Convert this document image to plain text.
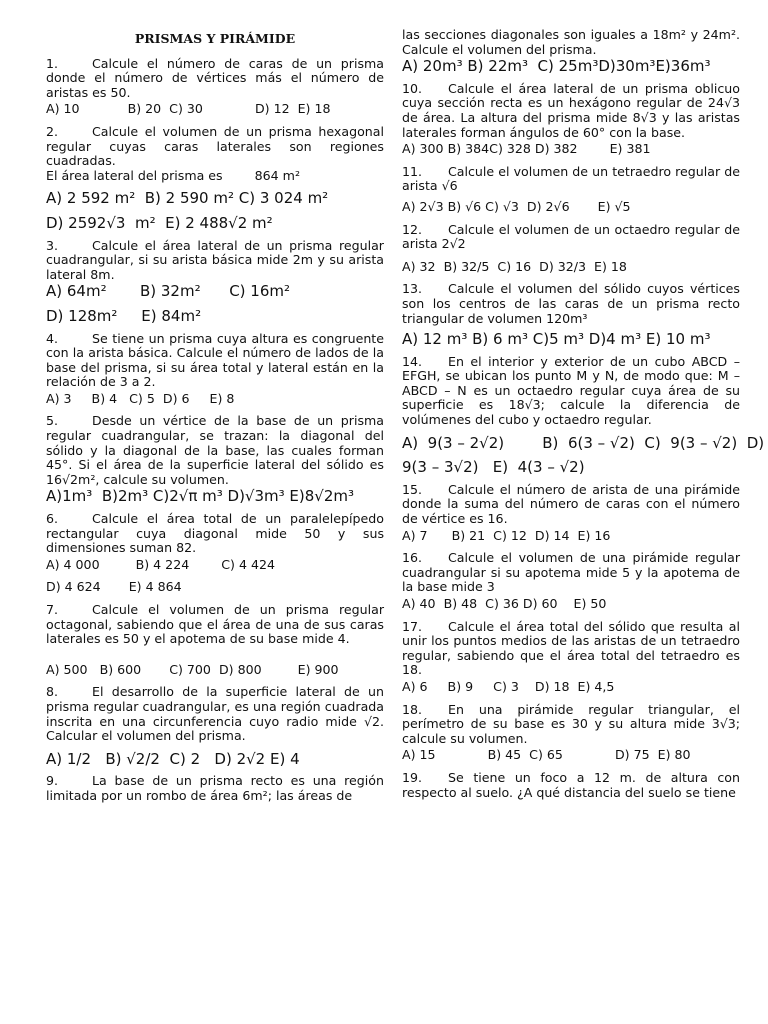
PRISMAS Y PIRÁMIDE
1.	Calcule el número de caras de un prisma donde el número de vértices más el número de aristas es 50.
A) 10            B) 20  C) 30             D) 12  E) 18
2.	Calcule el volumen de un prisma hexagonal regular cuyas caras laterales son regiones cuadradas.
El área lateral del prisma es        864 m²
A) 2 592 m²  B) 2 590 m² C) 3 024 m²
D) 2592√3  m²  E) 2 488√2 m²
3.	Calcule el área lateral de un prisma regular cuadrangular, si su arista básica mide 2m y su arista lateral 8m.
A) 64m²       B) 32m²      C) 16m²
D) 128m²     E) 84m²
4.	Se tiene un prisma cuya altura es congruente con la arista básica. Calcule el número de lados de la base del prisma, si su área total y lateral están en la relación de 3 a 2.
A) 3     B) 4   C) 5  D) 6     E) 8
5.	Desde un vértice de la base de un prisma regular cuadrangular, se trazan: la diagonal del sólido y la diagonal de la base, las cuales forman 45°. Si el área de la superficie lateral del sólido es 16√2m², calcule su volumen.
A)1m³  B)2m³ C)2√π m³ D)√3m³ E)8√2m³
6.	Calcule el área total de un paralelepípedo rectangular cuya diagonal mide 50 y sus dimensiones suman 82.
A) 4 000         B) 4 224        C) 4 424
D) 4 624       E) 4 864
7.	Calcule el volumen de un prisma regular octagonal, sabiendo que el área de una de sus caras laterales es 50 y el apotema de su base mide 4.
A) 500   B) 600       C) 700  D) 800         E) 900
8.	El desarrollo de la superficie lateral de un prisma regular cuadrangular, es una región cuadrada inscrita en una circunferencia cuyo radio mide √2. Calcular el volumen del prisma.
A) 1/2   B) √2/2  C) 2   D) 2√2 E) 4
9.	La base de un prisma recto es una región limitada por un rombo de área 6m²; las áreas de
las secciones diagonales son iguales a 18m² y 24m². Calcule el volumen del prisma.
A) 20m³ B) 22m³  C) 25m³D)30m³E)36m³
10. Calcule el área lateral de un prisma oblicuo cuya sección recta es un hexágono regular de 24√3 de área. La altura del prisma mide 8√3 y las aristas laterales forman ángulos de 60° con la base.
A) 300 B) 384C) 328 D) 382        E) 381
11. Calcule el volumen de un tetraedro regular de arista √6
A) 2√3 B) √6 C) √3  D) 2√6       E) √5
12. Calcule el volumen de un octaedro regular de arista 2√2
A) 32  B) 32/5  C) 16  D) 32/3  E) 18
13. Calcule el volumen del sólido cuyos vértices son los centros de las caras de un prisma recto triangular de volumen 120m³
A) 12 m³ B) 6 m³ C)5 m³ D)4 m³ E) 10 m³
14. En el interior y exterior de un cubo ABCD – EFGH, se ubican los punto M y N, de modo que: M – ABCD – N es un octaedro regular cuya área de su superficie es 18√3; calcule la diferencia de volúmenes del cubo y octaedro regular.
A)  9(3 – 2√2)        B)  6(3 – √2)  C)  9(3 – √2)  D)
9(3 – 3√2)   E)  4(3 – √2)
15. Calcule el número de arista de una pirámide donde la suma del número de caras con el número de vértice es 16.
A) 7      B) 21  C) 12  D) 14  E) 16
16. Calcule el volumen de una pirámide regular cuadrangular si su apotema mide 5 y la apotema de la base mide 3
A) 40  B) 48  C) 36 D) 60    E) 50
17. Calcule el área total del sólido que resulta al unir los puntos medios de las aristas de un tetraedro regular, sabiendo que el área total del tetraedro es 18.
A) 6     B) 9     C) 3    D) 18  E) 4,5
18. En una pirámide regular triangular, el perímetro de su base es 30 y su altura mide 3√3; calcule su volumen.
A) 15             B) 45  C) 65             D) 75  E) 80
19. Se tiene un foco a 12 m. de altura con respecto al suelo. ¿A qué distancia del suelo se tiene
